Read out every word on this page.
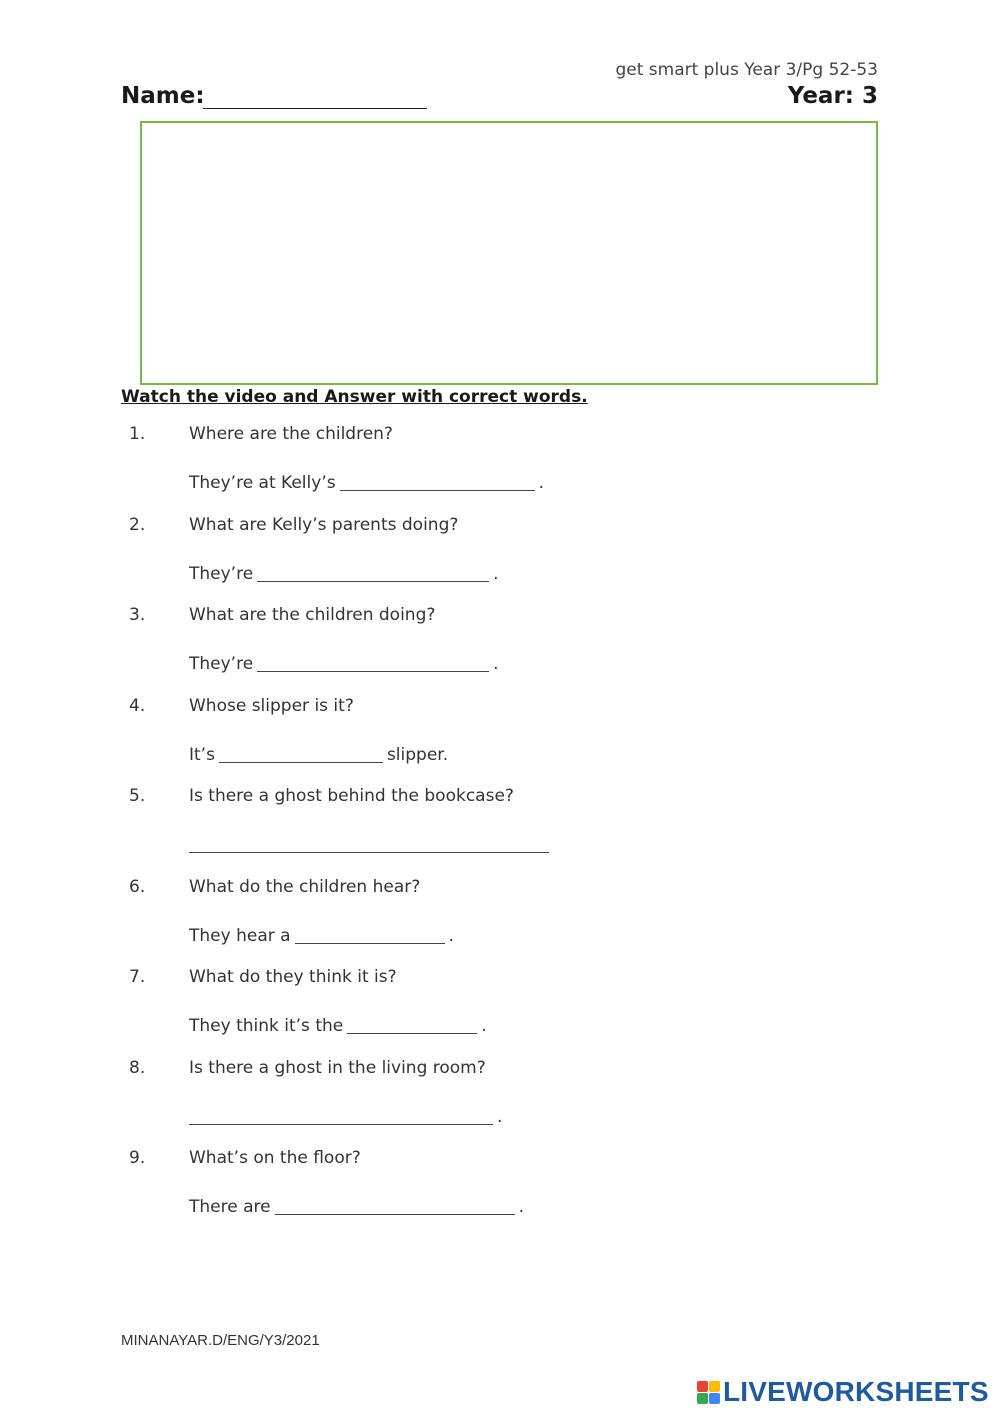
get smart plus Year 3/Pg 52-53
Name:	Year: 3
Watch the video and Answer with correct words.
1.	Where are the children?
They’re at Kelly’s	.
2.	What are Kelly’s parents doing?
They’re	.
3.	What are the children doing?
They’re	.
4.	Whose slipper is it?
It’s	slipper.
5.	Is there a ghost behind the bookcase?
6.	What do the children hear?
They hear a	.
7.	What do they think it is?
They think it’s the	.
8.	Is there a ghost in the living room?
.
9.	What’s on the floor?
There are	.
MINANAYAR.D/ENG/Y3/2021
LIVEWORKSHEETS
